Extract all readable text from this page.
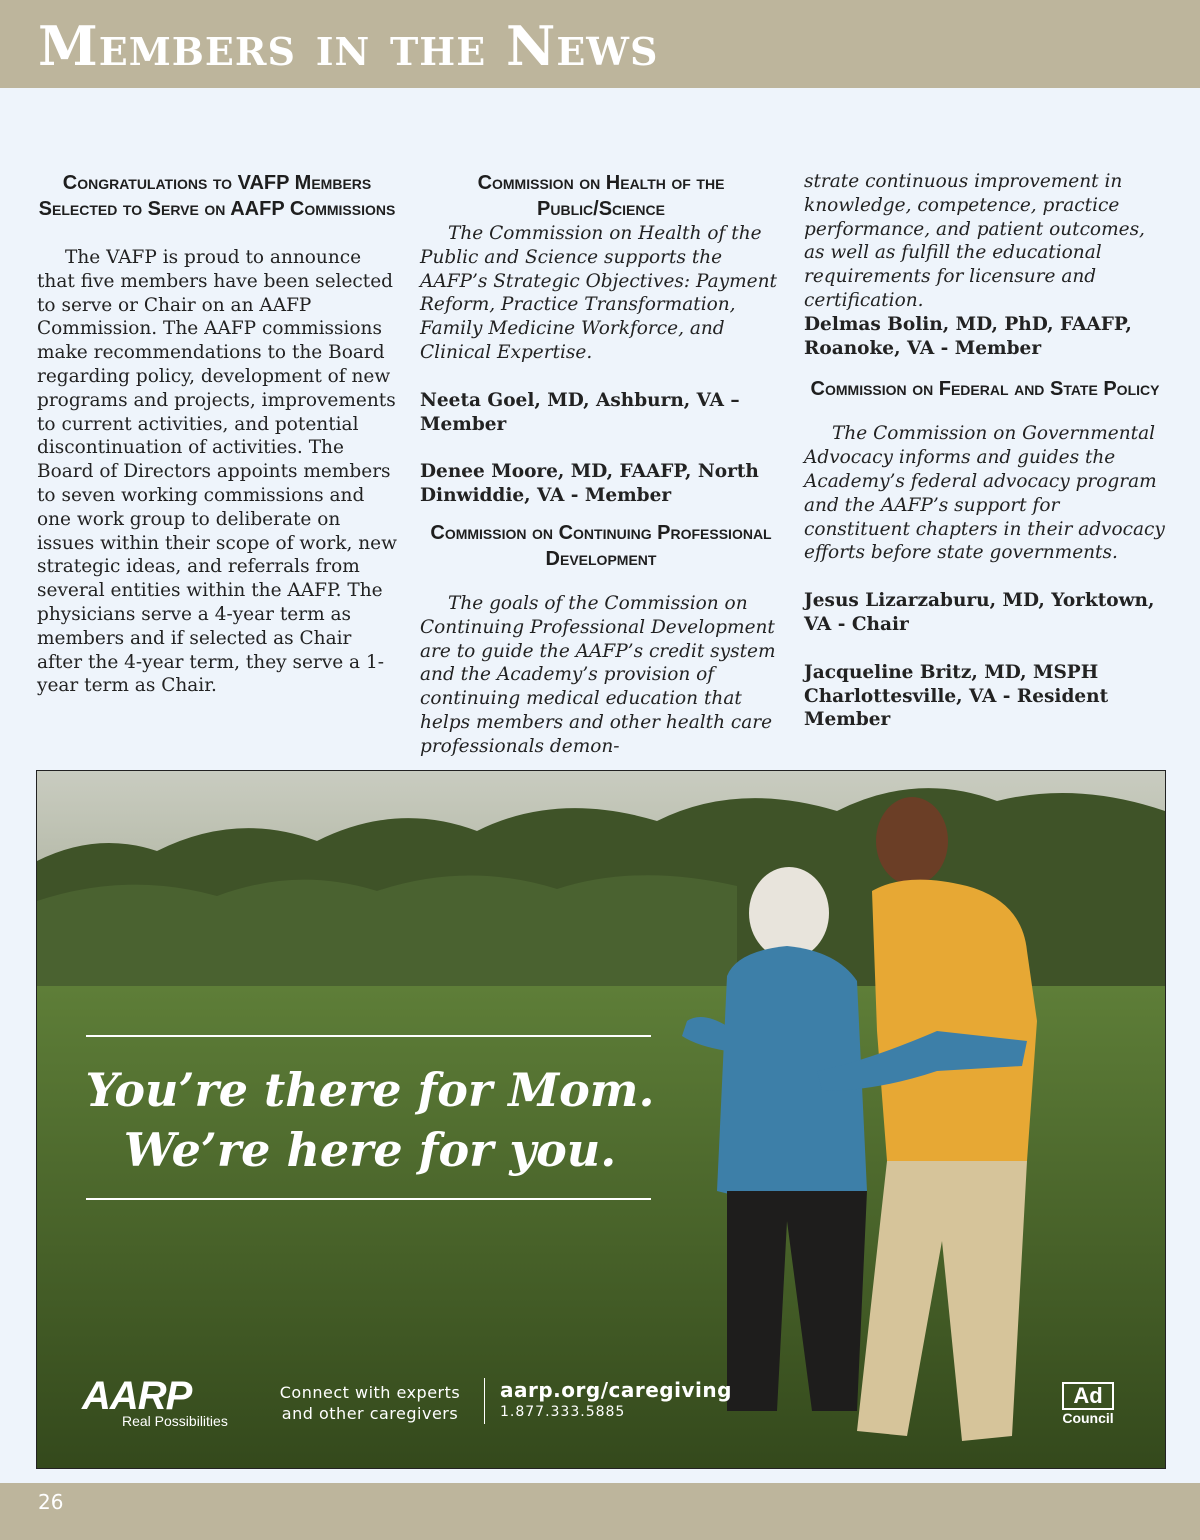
Members in the News
Congratulations to VAFP Members Selected to Serve on AAFP Commissions

The VAFP is proud to announce that five members have been selected to serve or Chair on an AAFP Commission. The AAFP commissions make recommendations to the Board regarding policy, development of new programs and projects, improvements to current activities, and potential discontinuation of activities. The Board of Directors appoints members to seven working commissions and one work group to deliberate on issues within their scope of work, new strategic ideas, and referrals from several entities within the AAFP. The physicians serve a 4-year term as members and if selected as Chair after the 4-year term, they serve a 1-year term as Chair.

Commission on Health of the Public/Science

The Commission on Health of the Public and Science supports the AAFP’s Strategic Objectives: Payment Reform, Practice Transformation, Family Medicine Workforce, and Clinical Expertise.

Neeta Goel, MD, Ashburn, VA – Member

Denee Moore, MD, FAAFP, North Dinwiddie, VA - Member

Commission on Continuing Professional Development

The goals of the Commission on Continuing Professional Development are to guide the AAFP’s credit system and the Academy’s provision of continuing medical education that helps members and other health care professionals demon-

strate continuous improvement in knowledge, competence, practice performance, and patient outcomes, as well as fulfill the educational requirements for licensure and certification.

Delmas Bolin, MD, PhD, FAAFP, Roanoke, VA - Member

Commission on Federal and State Policy

The Commission on Governmental Advocacy informs and guides the Academy’s federal advocacy program and the AAFP’s support for constituent chapters in their advocacy efforts before state governments.

Jesus Lizarzaburu, MD, Yorktown, VA - Chair

Jacqueline Britz, MD, MSPH Charlottesville, VA - Resident Member

You’re there for Mom.
We’re here for you.
AARP
Real Possibilities
Connect with experts
and other caregivers
aarp.org/caregiving
1.877.333.5885
Ad
Council
26
